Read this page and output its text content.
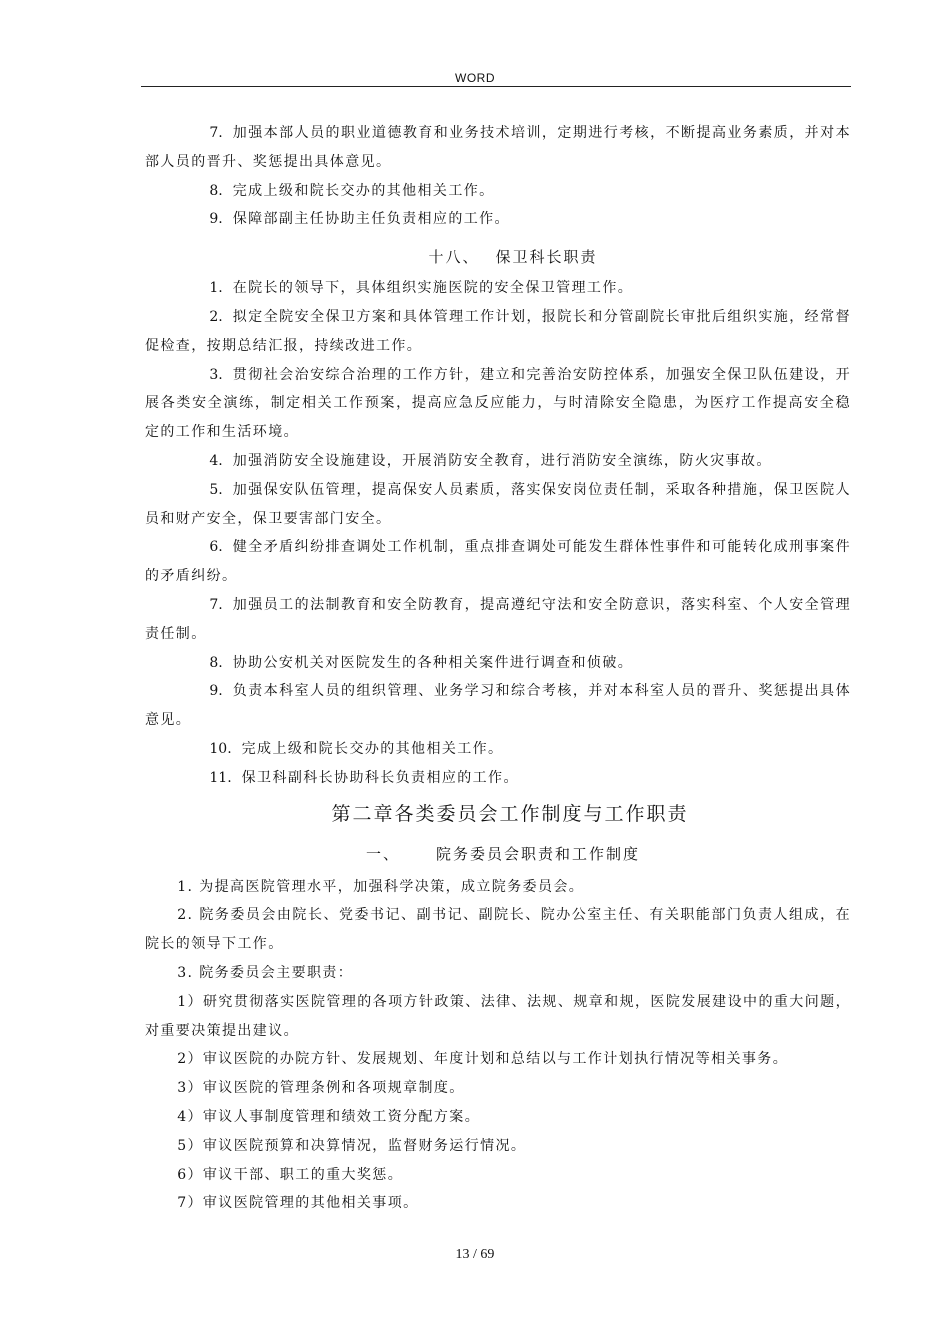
WORD

7. 加强本部人员的职业道德教育和业务技术培训，定期进行考核，不断提高业务素质，并对本部人员的晋升、奖惩提出具体意见。

8. 完成上级和院长交办的其他相关工作。

9. 保障部副主任协助主任负责相应的工作。

十八、 保卫科长职责

1. 在院长的领导下，具体组织实施医院的安全保卫管理工作。

2. 拟定全院安全保卫方案和具体管理工作计划，报院长和分管副院长审批后组织实施，经常督促检查，按期总结汇报，持续改进工作。

3. 贯彻社会治安综合治理的工作方针，建立和完善治安防控体系，加强安全保卫队伍建设，开展各类安全演练，制定相关工作预案，提高应急反应能力，与时清除安全隐患，为医疗工作提高安全稳定的工作和生活环境。

4. 加强消防安全设施建设，开展消防安全教育，进行消防安全演练，防火灾事故。

5. 加强保安队伍管理，提高保安人员素质，落实保安岗位责任制，采取各种措施，保卫医院人员和财产安全，保卫要害部门安全。

6. 健全矛盾纠纷排查调处工作机制，重点排查调处可能发生群体性事件和可能转化成刑事案件的矛盾纠纷。

7. 加强员工的法制教育和安全防教育，提高遵纪守法和安全防意识，落实科室、个人安全管理责任制。

8. 协助公安机关对医院发生的各种相关案件进行调查和侦破。

9. 负责本科室人员的组织管理、业务学习和综合考核，并对本科室人员的晋升、奖惩提出具体意见。

10. 完成上级和院长交办的其他相关工作。

11. 保卫科副科长协助科长负责相应的工作。

第二章各类委员会工作制度与工作职责
一、 院务委员会职责和工作制度

1. 为提高医院管理水平，加强科学决策，成立院务委员会。

2. 院务委员会由院长、党委书记、副书记、副院长、院办公室主任、有关职能部门负责人组成，在院长的领导下工作。

3. 院务委员会主要职责：

1）研究贯彻落实医院管理的各项方针政策、法律、法规、规章和规，医院发展建设中的重大问题，对重要决策提出建议。

2）审议医院的办院方针、发展规划、年度计划和总结以与工作计划执行情况等相关事务。

3）审议医院的管理条例和各项规章制度。

4）审议人事制度管理和绩效工资分配方案。

5）审议医院预算和决算情况，监督财务运行情况。

6）审议干部、职工的重大奖惩。

7）审议医院管理的其他相关事项。

13 / 69
